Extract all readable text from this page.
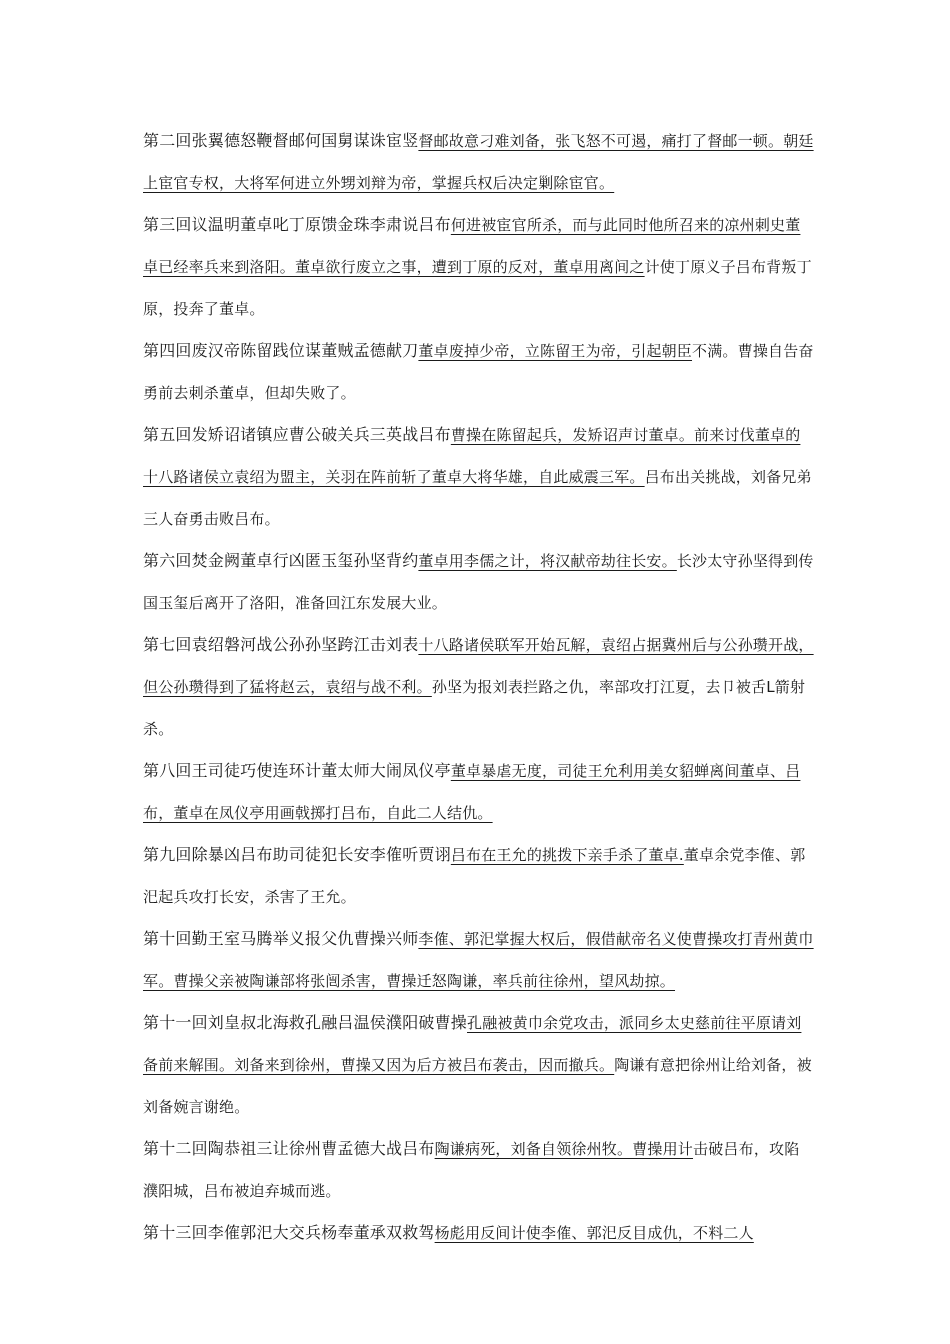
第二回张翼德怒鞭督邮何国舅谋诛宦竖督邮故意刁难刘备，张飞怒不可遏，痛打了督邮一顿。朝廷上宦官专权，大将军何进立外甥刘辩为帝，掌握兵权后决定剿除宦官。

第三回议温明董卓叱丁原馈金珠李肃说吕布何进被宦官所杀，而与此同时他所召来的凉州刺史董卓已经率兵来到洛阳。董卓欲行废立之事，遭到丁原的反对，董卓用离间之计使丁原义子吕布背叛丁原，投奔了董卓。

第四回废汉帝陈留践位谋董贼孟德献刀董卓废掉少帝，立陈留王为帝，引起朝臣不满。曹操自告奋勇前去刺杀董卓，但却失败了。

第五回发矫诏诸镇应曹公破关兵三英战吕布曹操在陈留起兵，发矫诏声讨董卓。前来讨伐董卓的十八路诸侯立袁绍为盟主，关羽在阵前斩了董卓大将华雄，自此威震三军。吕布出关挑战，刘备兄弟三人奋勇击败吕布。

第六回焚金阙董卓行凶匿玉玺孙坚背约董卓用李儒之计，将汉献帝劫往长安。长沙太守孙坚得到传国玉玺后离开了洛阳，准备回江东发展大业。

第七回袁绍磐河战公孙孙坚跨江击刘表十八路诸侯联军开始瓦解，袁绍占据冀州后与公孙瓒开战，但公孙瓒得到了猛将赵云，袁绍与战不利。孙坚为报刘表拦路之仇，率部攻打江夏，去卩被舌L箭射杀。

第八回王司徒巧使连环计董太师大闹凤仪亭董卓暴虐无度，司徒王允利用美女貂蝉离间董卓、吕布，董卓在凤仪亭用画戟掷打吕布，自此二人结仇。

第九回除暴凶吕布助司徒犯长安李傕听贾诩吕布在王允的挑拨下亲手杀了董卓.董卓余党李傕、郭汜起兵攻打长安，杀害了王允。

第十回勤王室马腾举义报父仇曹操兴师李傕、郭汜掌握大权后，假借献帝名义使曹操攻打青州黄巾军。曹操父亲被陶谦部将张闿杀害，曹操迁怒陶谦，率兵前往徐州，望风劫掠。

第十一回刘皇叔北海救孔融吕温侯濮阳破曹操孔融被黄巾余党攻击，派同乡太史慈前往平原请刘备前来解围。刘备来到徐州，曹操又因为后方被吕布袭击，因而撤兵。陶谦有意把徐州让给刘备，被刘备婉言谢绝。

第十二回陶恭祖三让徐州曹孟德大战吕布陶谦病死，刘备自领徐州牧。曹操用计击破吕布，攻陷濮阳城，吕布被迫弃城而逃。

第十三回李傕郭汜大交兵杨奉董承双救驾杨彪用反间计使李傕、郭汜反目成仇，不料二人
